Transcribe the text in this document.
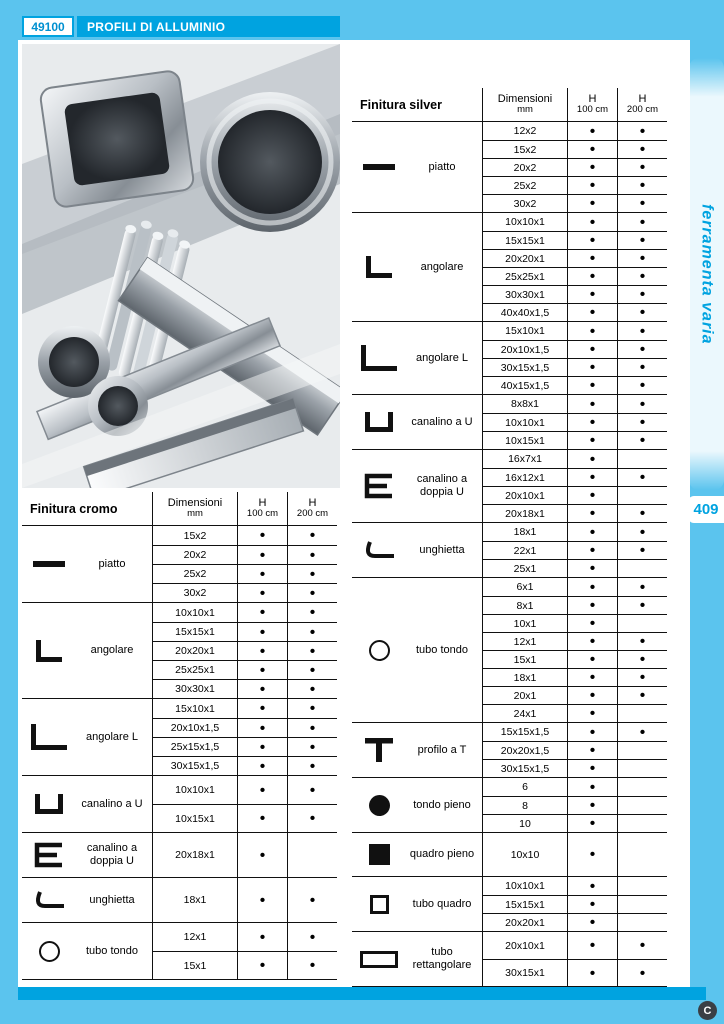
49100	PROFILI DI ALLUMINIO
Finitura cromo	Dimensioni
mm
H
100 cm
H
200 cm
piatto
15x2	•	•
20x2	•	•
25x2	•	•
30x2	•	•
angolare
10x10x1	•	•
15x15x1	•	•
20x20x1	•	•
25x25x1	•	•
30x30x1	•	•
angolare L
15x10x1	•	•
20x10x1,5	•	•
25x15x1,5	•	•
30x15x1,5	•	•
canalino a U
10x10x1	•	•
10x15x1	•	•
canalino a doppia U	20x18x1	•
unghietta	18x1	•	•
tubo tondo
12x1	•	•
15x1	•	•
Finitura silver	Dimensioni
mm
H
100 cm
H
200 cm
piatto
12x2	•	•
15x2	•	•
20x2	•	•
25x2	•	•
30x2	•	•
angolare
10x10x1	•	•
15x15x1	•	•
20x20x1	•	•
25x25x1	•	•
30x30x1	•	•
40x40x1,5	•	•
angolare L
15x10x1	•	•
20x10x1,5	•	•
30x15x1,5	•	•
40x15x1,5	•	•
canalino a U
8x8x1	•	•
10x10x1	•	•
10x15x1	•	•
canalino a doppia U
16x7x1	•
16x12x1	•	•
20x10x1	•
20x18x1	•	•
unghietta
18x1	•	•
22x1	•	•
25x1	•
tubo tondo
6x1	•	•
8x1	•	•
10x1	•
12x1	•	•
15x1	•	•
18x1	•	•
20x1	•	•
24x1	•
profilo a T
15x15x1,5	•	•
20x20x1,5	•
30x15x1,5	•
tondo pieno
6	•
8	•
10	•
quadro pieno	10x10	•
tubo quadro
10x10x1	•
15x15x1	•
20x20x1	•
tubo rettangolare
20x10x1	•	•
30x15x1	•	•
ferramenta varia
409
C
